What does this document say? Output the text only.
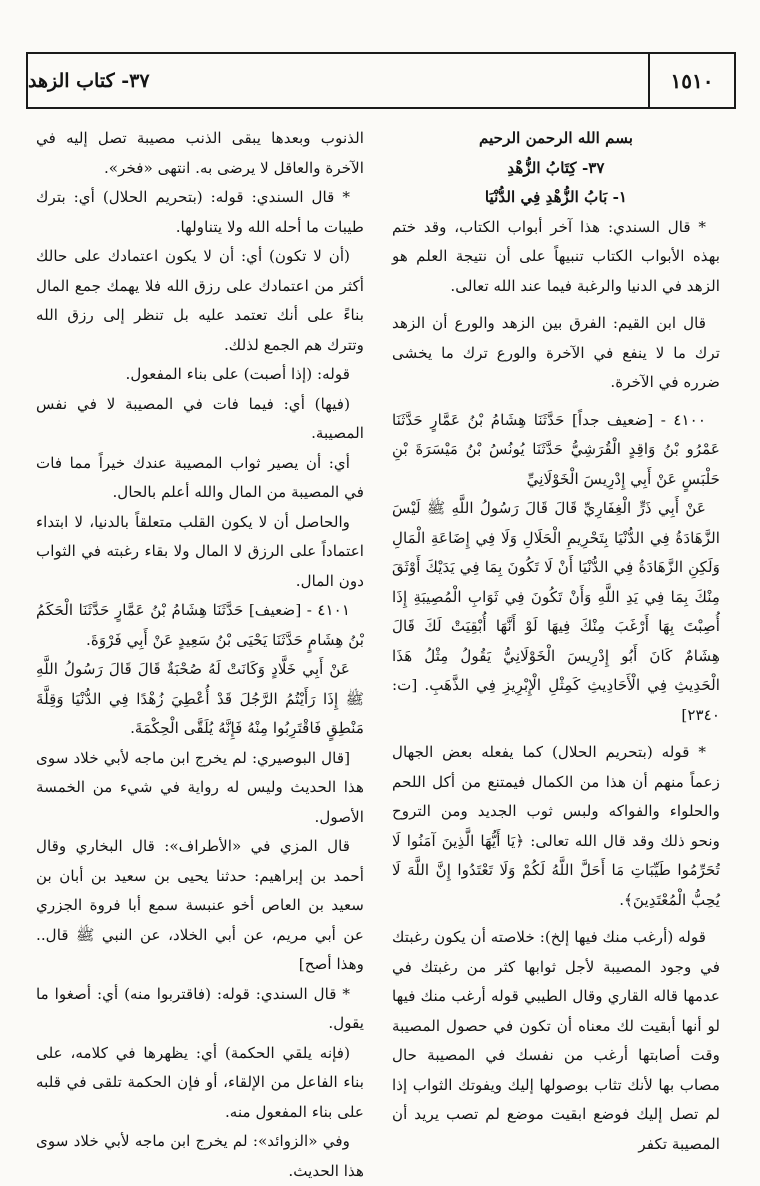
٣٧- كتاب الزهد	١٥١٠

بسم الله الرحمن الرحيم

٣٧- كِتَابُ الزُّهْدِ

١- بَابُ الزُّهْدِ فِي الدُّنْيَا

* قال السندي: هذا آخر أبواب الكتاب، وقد ختم بهذه الأبواب الكتاب تنبيهاً على أن نتيجة العلم هو الزهد في الدنيا والرغبة فيما عند الله تعالى.

قال ابن القيم: الفرق بين الزهد والورع أن الزهد ترك ما لا ينفع في الآخرة والورع ترك ما يخشى ضرره في الآخرة.

٤١٠٠ - [ضعيف جداً] حَدَّثَنَا هِشَامُ بْنُ عَمَّارٍ حَدَّثَنَا عَمْرُو بْنُ وَاقِدٍ الْقُرَشِيُّ حَدَّثَنَا يُونُسُ بْنُ مَيْسَرَةَ بْنِ حَلْبَسٍ عَنْ أَبِي إِدْرِيسَ الْخَوْلَانِيِّ

عَنْ أَبِي ذَرٍّ الْغِفَارِيِّ قَالَ قَالَ رَسُولُ اللَّهِ ﷺ لَيْسَ الزَّهَادَةُ فِي الدُّنْيَا بِتَحْرِيمِ الْحَلَالِ وَلَا فِي إِضَاعَةِ الْمَالِ وَلَكِنِ الزَّهَادَةُ فِي الدُّنْيَا أَنْ لَا تَكُونَ بِمَا فِي يَدَيْكَ أَوْثَقَ مِنْكَ بِمَا فِي يَدِ اللَّهِ وَأَنْ تَكُونَ فِي ثَوَابِ الْمُصِيبَةِ إِذَا أُصِبْتَ بِهَا أَرْغَبَ مِنْكَ فِيهَا لَوْ أَنَّهَا أُبْقِيَتْ لَكَ قَالَ هِشَامٌ كَانَ أَبُو إِدْرِيسَ الْخَوْلَانِيُّ يَقُولُ مِثْلُ هَذَا الْحَدِيثِ فِي الْأَحَادِيثِ كَمِثْلِ الْإِبْرِيزِ فِي الذَّهَبِ. [ت: ٢٣٤٠]

* قوله (بتحريم الحلال) كما يفعله بعض الجهال زعماً منهم أن هذا من الكمال فيمتنع من أكل اللحم والحلواء والفواكه ولبس ثوب الجديد ومن التروح ونحو ذلك وقد قال الله تعالى: ﴿يَا أَيُّهَا الَّذِينَ آمَنُوا لَا تُحَرِّمُوا طَيِّبَاتِ مَا أَحَلَّ اللَّهُ لَكُمْ وَلَا تَعْتَدُوا إِنَّ اللَّهَ لَا يُحِبُّ الْمُعْتَدِينَ﴾.

قوله (أرغب منك فيها إلخ): خلاصته أن يكون رغبتك في وجود المصيبة لأجل ثوابها كثر من رغبتك في عدمها قاله القاري وقال الطيبي قوله أرغب منك فيها لو أنها أبقيت لك معناه أن تكون في حصول المصيبة وقت أصابتها أرغب من نفسك في المصيبة حال مصاب بها لأنك تثاب بوصولها إليك ويفوتك الثواب إذا لم تصل إليك فوضع ابقيت موضع لم تصب يريد أن المصيبة تكفر

الذنوب وبعدها يبقى الذنب مصيبة تصل إليه في الآخرة والعاقل لا يرضى به. انتهى «فخر».

* قال السندي: قوله: (بتحريم الحلال) أي: بترك طيبات ما أحله الله ولا يتناولها.

(أن لا تكون) أي: أن لا يكون اعتمادك على حالك أكثر من اعتمادك على رزق الله فلا يهمك جمع المال بناءً على أنك تعتمد عليه بل تنظر إلى رزق الله وتترك هم الجمع لذلك.

قوله: (إذا أصبت) على بناء المفعول.

(فيها) أي: فيما فات في المصيبة لا في نفس المصيبة.

أي: أن يصير ثواب المصيبة عندك خيراً مما فات في المصيبة من المال والله أعلم بالحال.

والحاصل أن لا يكون القلب متعلقاً بالدنيا، لا ابتداء اعتماداً على الرزق لا المال ولا بقاء رغبته في الثواب دون المال.

٤١٠١ - [ضعيف] حَدَّثَنَا هِشَامُ بْنُ عَمَّارٍ حَدَّثَنَا الْحَكَمُ بْنُ هِشَامٍ حَدَّثَنَا يَحْيَى بْنُ سَعِيدٍ عَنْ أَبِي فَرْوَةَ.

عَنْ أَبِي خَلَّادٍ وَكَانَتْ لَهُ صُحْبَةٌ قَالَ قَالَ رَسُولُ اللَّهِ ﷺ إِذَا رَأَيْتُمُ الرَّجُلَ قَدْ أُعْطِيَ زُهْدًا فِي الدُّنْيَا وَقِلَّةَ مَنْطِقٍ فَاقْتَرِبُوا مِنْهُ فَإِنَّهُ يُلَقَّى الْحِكْمَةَ.

[قال البوصيري: لم يخرج ابن ماجه لأبي خلاد سوى هذا الحديث وليس له رواية في شيء من الخمسة الأصول.

قال المزي في «الأطراف»: قال البخاري وقال أحمد بن إبراهيم: حدثنا يحيى بن سعيد بن أبان بن سعيد بن العاص أخو عنبسة سمع أبا فروة الجزري عن أبي مريم، عن أبي الخلاد، عن النبي ﷺ قال.. وهذا أصح]

* قال السندي: قوله: (فاقتربوا منه) أي: أصغوا ما يقول.

(فإنه يلقي الحكمة) أي: يظهرها في كلامه، على بناء الفاعل من الإلقاء، أو فإن الحكمة تلقى في قلبه على بناء المفعول منه.

وفي «الزوائد»: لم يخرج ابن ماجه لأبي خلاد سوى هذا الحديث.
